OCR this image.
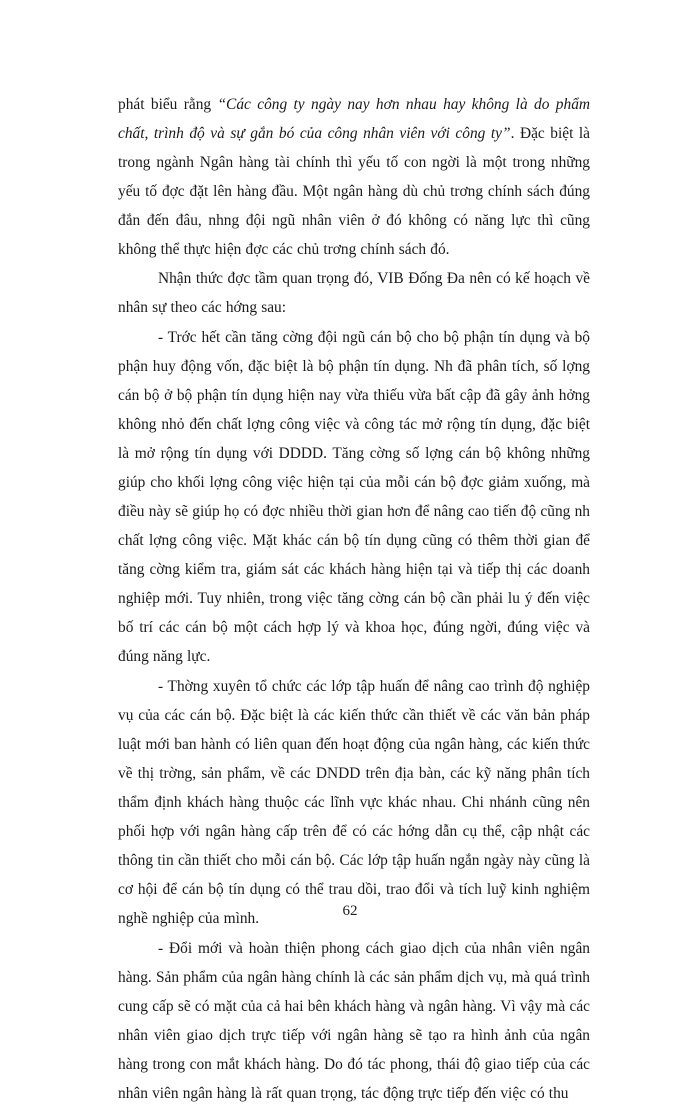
phát biểu rằng “Các công ty ngày nay hơn nhau hay không là do phẩm chất, trình độ và sự gắn bó của công nhân viên với công ty”. Đặc biệt là trong ngành Ngân hàng tài chính thì yếu tố con ngời là một trong những yếu tố đợc đặt lên hàng đầu. Một ngân hàng dù chủ trơng chính sách đúng đắn đến đâu, nhng đội ngũ nhân viên ở đó không có năng lực thì cũng không thể thực hiện đợc các chủ trơng chính sách đó.

Nhận thức đợc tầm quan trọng đó, VIB Đống Đa nên có kế hoạch về nhân sự theo các hớng sau:

- Trớc hết cần tăng cờng đội ngũ cán bộ cho bộ phận tín dụng và bộ phận huy động vốn, đặc biệt là bộ phận tín dụng. Nh đã phân tích, số lợng cán bộ ở bộ phận tín dụng hiện nay vừa thiếu vừa bất cập đã gây ảnh hởng không nhỏ đến chất lợng công việc và công tác mở rộng tín dụng, đặc biệt là mở rộng tín dụng với DDDD. Tăng cờng số lợng cán bộ không những giúp cho khối lợng công việc hiện tại của mỗi cán bộ đợc giảm xuống, mà điều này sẽ giúp họ có đợc nhiều thời gian hơn để nâng cao tiến độ cũng nh chất lợng công việc. Mặt khác cán bộ tín dụng cũng có thêm thời gian để tăng cờng kiểm tra, giám sát các khách hàng hiện tại và tiếp thị các doanh nghiệp mới. Tuy nhiên, trong việc tăng cờng cán bộ cần phải lu ý đến việc bố trí các cán bộ một cách hợp lý và khoa học, đúng ngời, đúng việc và đúng năng lực.

- Thờng xuyên tổ chức các lớp tập huấn để nâng cao trình độ nghiệp vụ của các cán bộ. Đặc biệt là các kiến thức cần thiết về các văn bản pháp luật mới ban hành có liên quan đến hoạt động của ngân hàng, các kiến thức về thị trờng, sản phẩm, về các DNDD trên địa bàn, các kỹ năng phân tích thẩm định khách hàng thuộc các lĩnh vực khác nhau. Chi nhánh cũng nên phối hợp với ngân hàng cấp trên để có các hớng dẫn cụ thể, cập nhật các thông tin cần thiết cho mỗi cán bộ. Các lớp tập huấn ngắn ngày này cũng là cơ hội để cán bộ tín dụng có thể trau dồi, trao đổi và tích luỹ kinh nghiệm nghề nghiệp của mình.

- Đổi mới và hoàn thiện phong cách giao dịch của nhân viên ngân hàng. Sản phẩm của ngân hàng chính là các sản phẩm dịch vụ, mà quá trình cung cấp sẽ có mặt của cả hai bên khách hàng và ngân hàng. Vì vậy mà các nhân viên giao dịch trực tiếp với ngân hàng sẽ tạo ra hình ảnh của ngân hàng trong con mắt khách hàng. Do đó tác phong, thái độ giao tiếp của các nhân viên ngân hàng là rất quan trọng, tác động trực tiếp đến việc có thu

62
